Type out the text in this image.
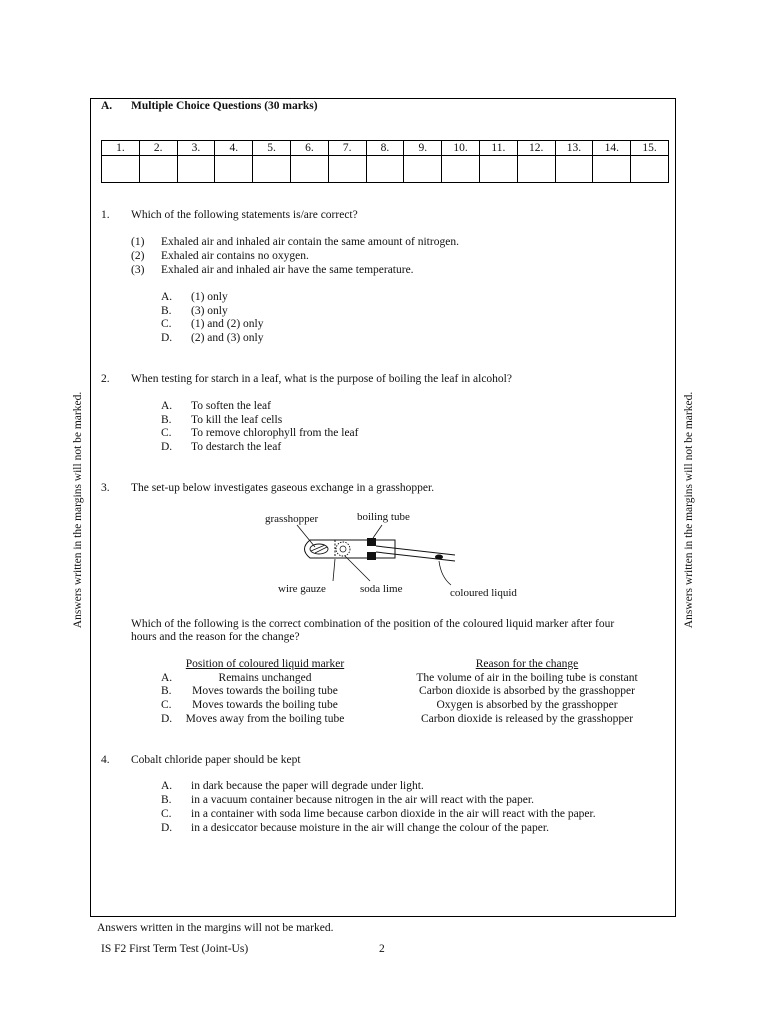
Answers written in the margins will not be marked.	Answers written in the margins will not be marked.
A. Multiple Choice Questions (30 marks)
1.	2.	3.	4.	5.	6.	7.	8.	9.	10.	11.	12.	13.	14.	15.

1. Which of the following statements is/are correct?
(1) Exhaled air and inhaled air contain the same amount of nitrogen.
(2) Exhaled air contains no oxygen.
(3) Exhaled air and inhaled air have the same temperature.
A. (1) only
B. (3) only
C. (1) and (2) only
D. (2) and (3) only
2. When testing for starch in a leaf, what is the purpose of boiling the leaf in alcohol?
A. To soften the leaf
B. To kill the leaf cells
C. To remove chlorophyll from the leaf
D. To destarch the leaf
3. The set-up below investigates gaseous exchange in a grasshopper.
grasshopper	boiling tube
wire gauze	soda lime	coloured liquid
Which of the following is the correct combination of the position of the coloured liquid marker after four
hours and the reason for the change?
Position of coloured liquid marker	Reason for the change
A.	Remains unchanged	The volume of air in the boiling tube is constant
B.	Moves towards the boiling tube	Carbon dioxide is absorbed by the grasshopper
C.	Moves towards the boiling tube	Oxygen is absorbed by the grasshopper
D.	Moves away from the boiling tube	Carbon dioxide is released by the grasshopper
4. Cobalt chloride paper should be kept
A. in dark because the paper will degrade under light.
B. in a vacuum container because nitrogen in the air will react with the paper.
C. in a container with soda lime because carbon dioxide in the air will react with the paper.
D. in a desiccator because moisture in the air will change the colour of the paper.
Answers written in the margins will not be marked.
IS F2 First Term Test (Joint-Us)	2
